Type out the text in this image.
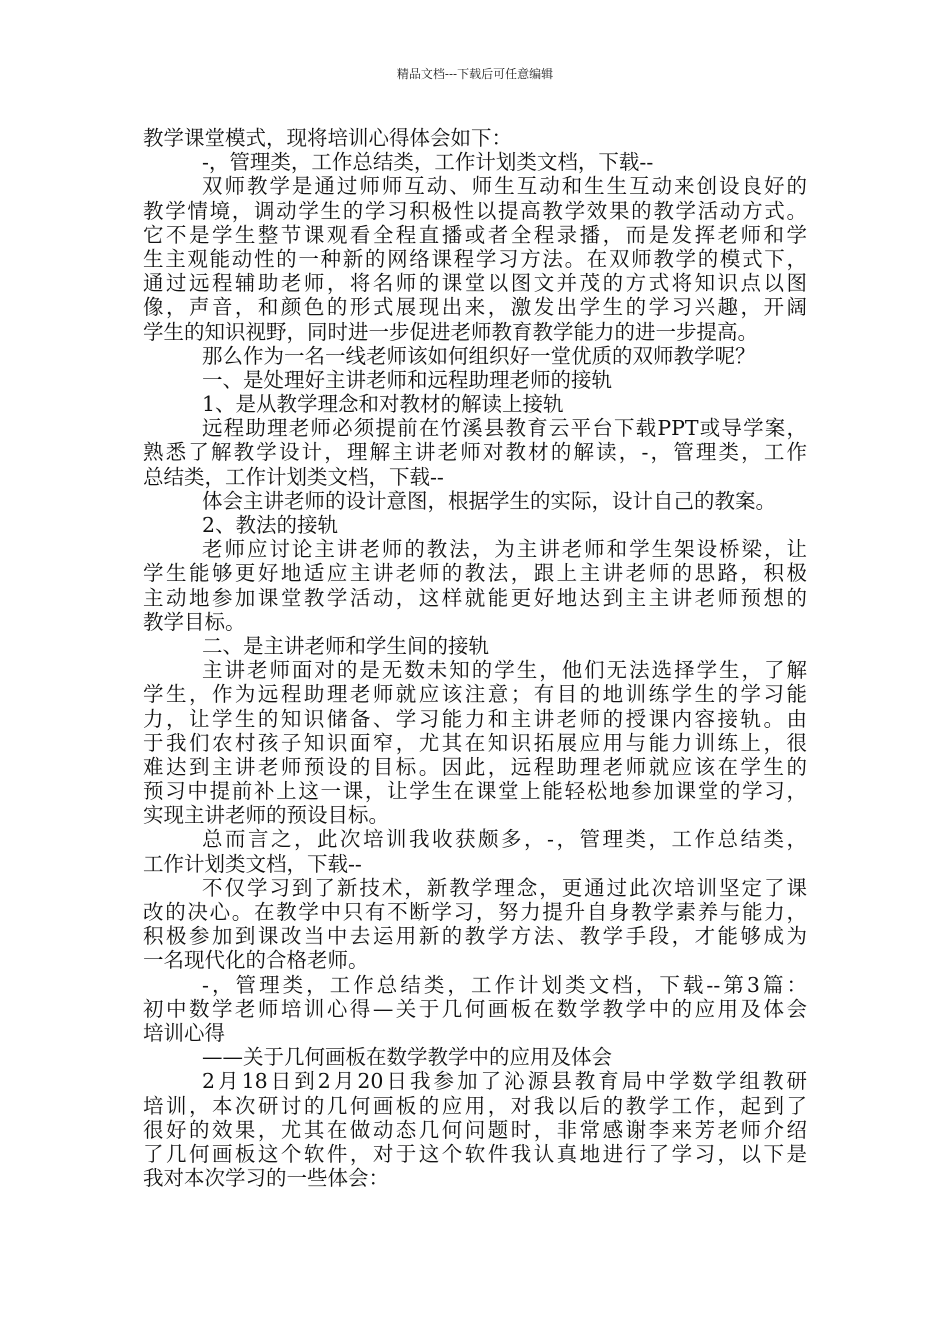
精品文档---下载后可任意编辑
教学课堂模式，现将培训心得体会如下：
-，管理类，工作总结类，工作计划类文档，下载--
双师教学是通过师师互动、师生互动和生生互动来创设良好的
教学情境，调动学生的学习积极性以提高教学效果的教学活动方式。
它不是学生整节课观看全程直播或者全程录播，而是发挥老师和学
生主观能动性的一种新的网络课程学习方法。在双师教学的模式下，
通过远程辅助老师，将名师的课堂以图文并茂的方式将知识点以图
像，声音，和颜色的形式展现出来，激发出学生的学习兴趣，开阔
学生的知识视野，同时进一步促进老师教育教学能力的进一步提高。
那么作为一名一线老师该如何组织好一堂优质的双师教学呢？
一、是处理好主讲老师和远程助理老师的接轨
1、是从教学理念和对教材的解读上接轨
远程助理老师必须提前在竹溪县教育云平台下载PPT或导学案，
熟悉了解教学设计，理解主讲老师对教材的解读，-，管理类，工作
总结类，工作计划类文档，下载--
体会主讲老师的设计意图，根据学生的实际，设计自己的教案。
2、教法的接轨
老师应讨论主讲老师的教法，为主讲老师和学生架设桥梁，让
学生能够更好地适应主讲老师的教法，跟上主讲老师的思路，积极
主动地参加课堂教学活动，这样就能更好地达到主主讲老师预想的
教学目标。
二、是主讲老师和学生间的接轨
主讲老师面对的是无数未知的学生，他们无法选择学生，了解
学生，作为远程助理老师就应该注意；有目的地训练学生的学习能
力，让学生的知识储备、学习能力和主讲老师的授课内容接轨。由
于我们农村孩子知识面窄，尤其在知识拓展应用与能力训练上，很
难达到主讲老师预设的目标。因此，远程助理老师就应该在学生的
预习中提前补上这一课，让学生在课堂上能轻松地参加课堂的学习，
实现主讲老师的预设目标。
总而言之，此次培训我收获颇多，-，管理类，工作总结类，
工作计划类文档，下载--
不仅学习到了新技术，新教学理念，更通过此次培训坚定了课
改的决心。在教学中只有不断学习，努力提升自身教学素养与能力，
积极参加到课改当中去运用新的教学方法、教学手段，才能够成为
一名现代化的合格老师。
-，管理类，工作总结类，工作计划类文档，下载--第3篇：
初中数学老师培训心得—关于几何画板在数学教学中的应用及体会
培训心得
——关于几何画板在数学教学中的应用及体会
2月18日到2月20日我参加了沁源县教育局中学数学组教研
培训，本次研讨的几何画板的应用，对我以后的教学工作，起到了
很好的效果，尤其在做动态几何问题时，非常感谢李来芳老师介绍
了几何画板这个软件，对于这个软件我认真地进行了学习，以下是
我对本次学习的一些体会：
